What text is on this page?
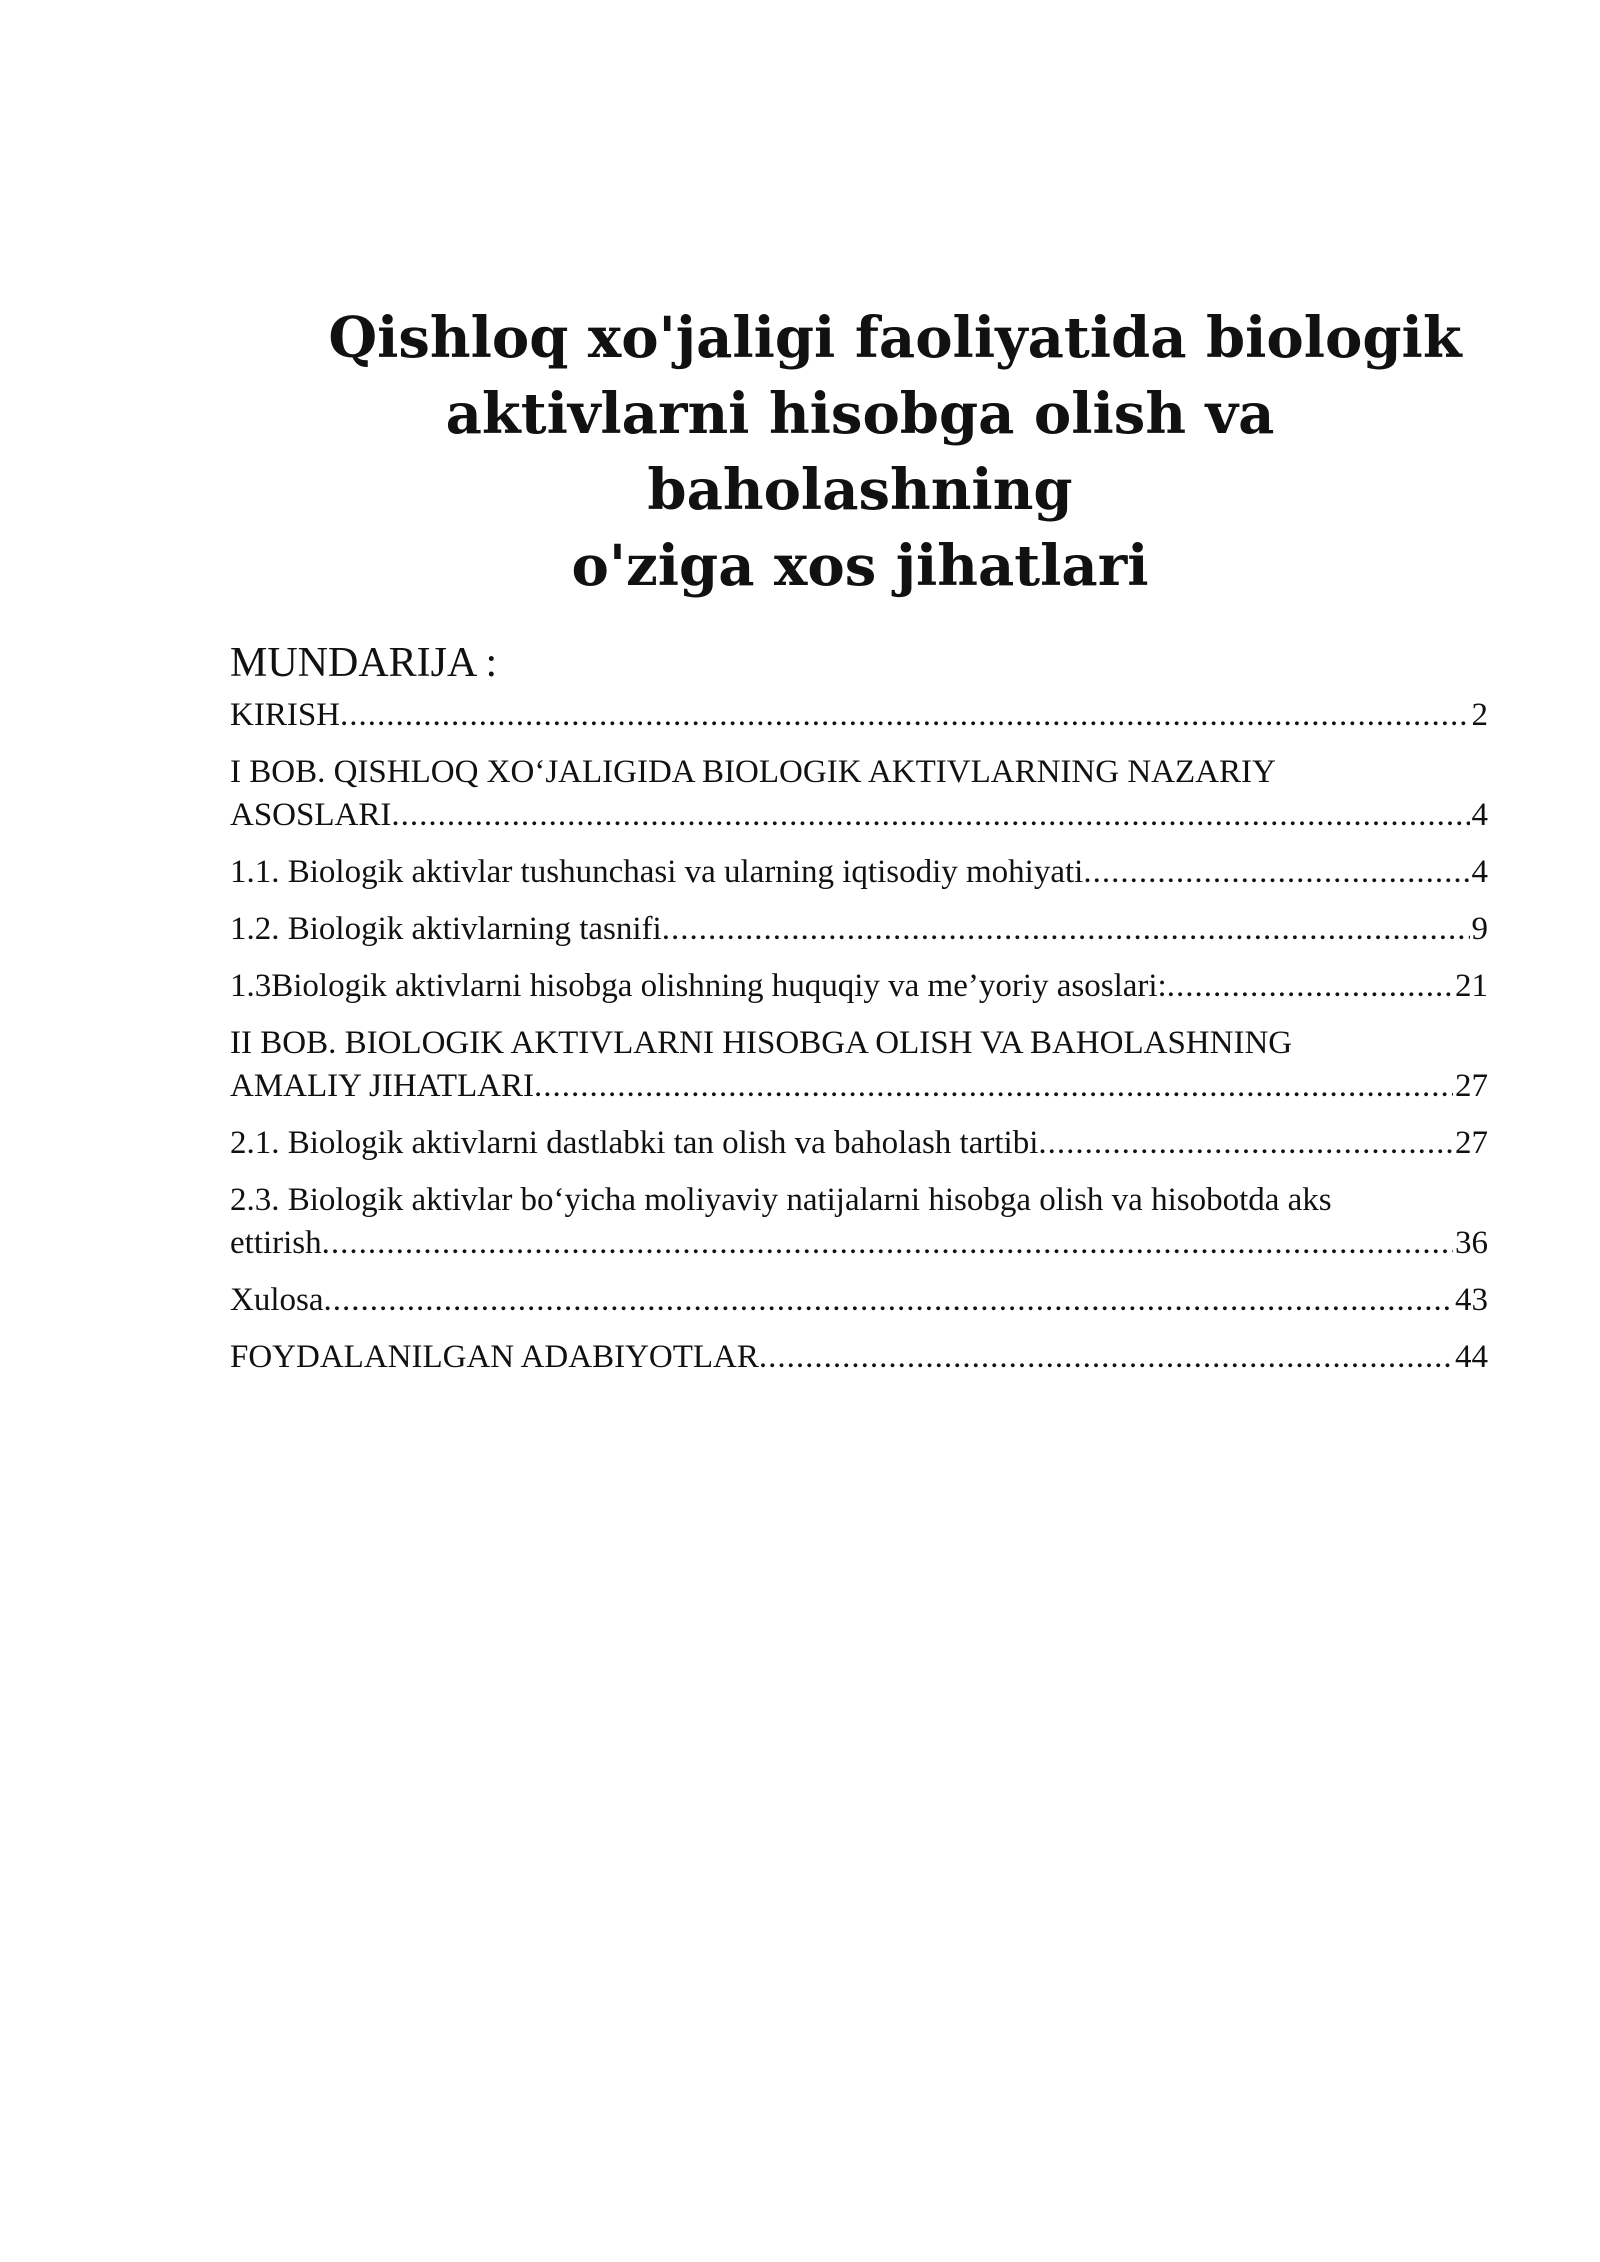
Qishloq xo'jaligi faoliyatida biologik
aktivlarni hisobga olish va baholashning
o'ziga xos jihatlari
MUNDARIJA :
KIRISH .....	2
I BOB. QISHLOQ XO‘JALIGIDA BIOLOGIK AKTIVLARNING NAZARIY
ASOSLARI .....	4
1.1. Biologik aktivlar tushunchasi va ularning iqtisodiy mohiyati .....	4
1.2. Biologik aktivlarning tasnifi .....	9
1.3Biologik aktivlarni hisobga olishning huquqiy va me’yoriy asoslari: .....	21
II BOB. BIOLOGIK AKTIVLARNI HISOBGA OLISH VA BAHOLASHNING
AMALIY JIHATLARI .....	27
2.1. Biologik aktivlarni dastlabki tan olish va baholash tartibi .....	27
2.3. Biologik aktivlar bo‘yicha moliyaviy natijalarni hisobga olish va hisobotda aks
ettirish .....	36
Xulosa .....	43
FOYDALANILGAN ADABIYOTLAR .....	44
